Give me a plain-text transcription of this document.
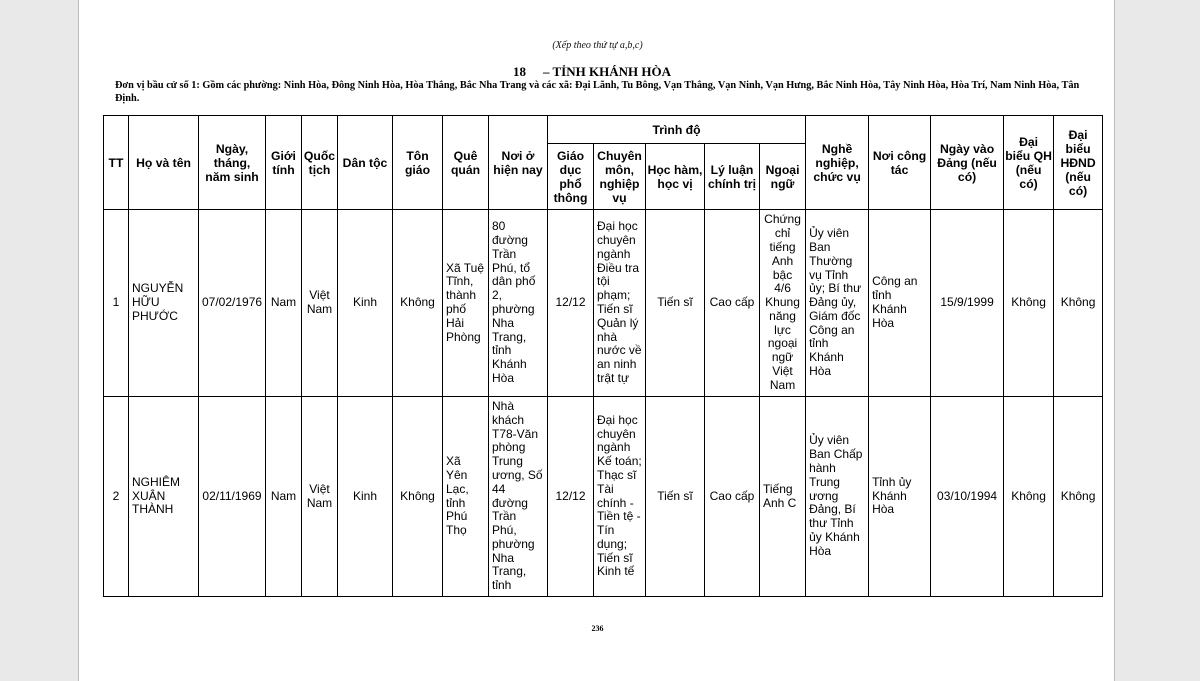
(Xếp theo thứ tự a,b,c)
18 – TỈNH KHÁNH HÒA
Đơn vị bầu cử số 1: Gồm các phường: Ninh Hòa, Đông Ninh Hòa, Hòa Thắng, Bắc Nha Trang và các xã: Đại Lãnh, Tu Bông, Vạn Thắng, Vạn Ninh, Vạn Hưng, Bắc Ninh Hòa, Tây Ninh Hòa, Hòa Trí, Nam Ninh Hòa, Tân Định.
TT	Họ và tên	Ngày, tháng, năm sinh	Giới tính	Quốc tịch	Dân tộc	Tôn giáo	Quê quán	Nơi ở hiện nay	Trình độ					Nghề nghiệp, chức vụ	Nơi công tác	Ngày vào Đảng (nếu có)	Đại biểu QH (nếu có)	Đại biểu HĐND (nếu có)
									Giáo dục phổ thông	Chuyên môn, nghiệp vụ	Học hàm, học vị	Lý luận chính trị	Ngoại ngữ					
1	NGUYỄN HỮU PHƯỚC	07/02/1976	Nam	Việt Nam	Kinh	Không	Xã Tuệ Tĩnh, thành phố Hải Phòng	80 đường Trần Phú, tổ dân phố 2, phường Nha Trang, tỉnh Khánh Hòa	12/12	Đại học chuyên ngành Điều tra tội phạm; Tiến sĩ Quản lý nhà nước về an ninh trật tự	Tiến sĩ	Cao cấp	Chứng chỉ tiếng Anh bậc 4/6 Khung năng lực ngoại ngữ Việt Nam	Ủy viên Ban Thường vụ Tỉnh ủy; Bí thư Đảng ủy, Giám đốc Công an tỉnh Khánh Hòa	Công an tỉnh Khánh Hòa	15/9/1999	Không	Không
2	NGHIÊM XUÂN THÀNH	02/11/1969	Nam	Việt Nam	Kinh	Không	Xã Yên Lạc, tỉnh Phú Thọ	Nhà khách T78-Văn phòng Trung ương, Số 44 đường Trần Phú, phường Nha Trang, tỉnh	12/12	Đại học chuyên ngành Kế toán; Thạc sĩ Tài chính - Tiền tệ - Tín dụng; Tiến sĩ Kinh tế	Tiến sĩ	Cao cấp	Tiếng Anh C	Ủy viên Ban Chấp hành Trung ương Đảng, Bí thư Tỉnh ủy Khánh Hòa	Tỉnh ủy Khánh Hòa	03/10/1994	Không	Không
236
